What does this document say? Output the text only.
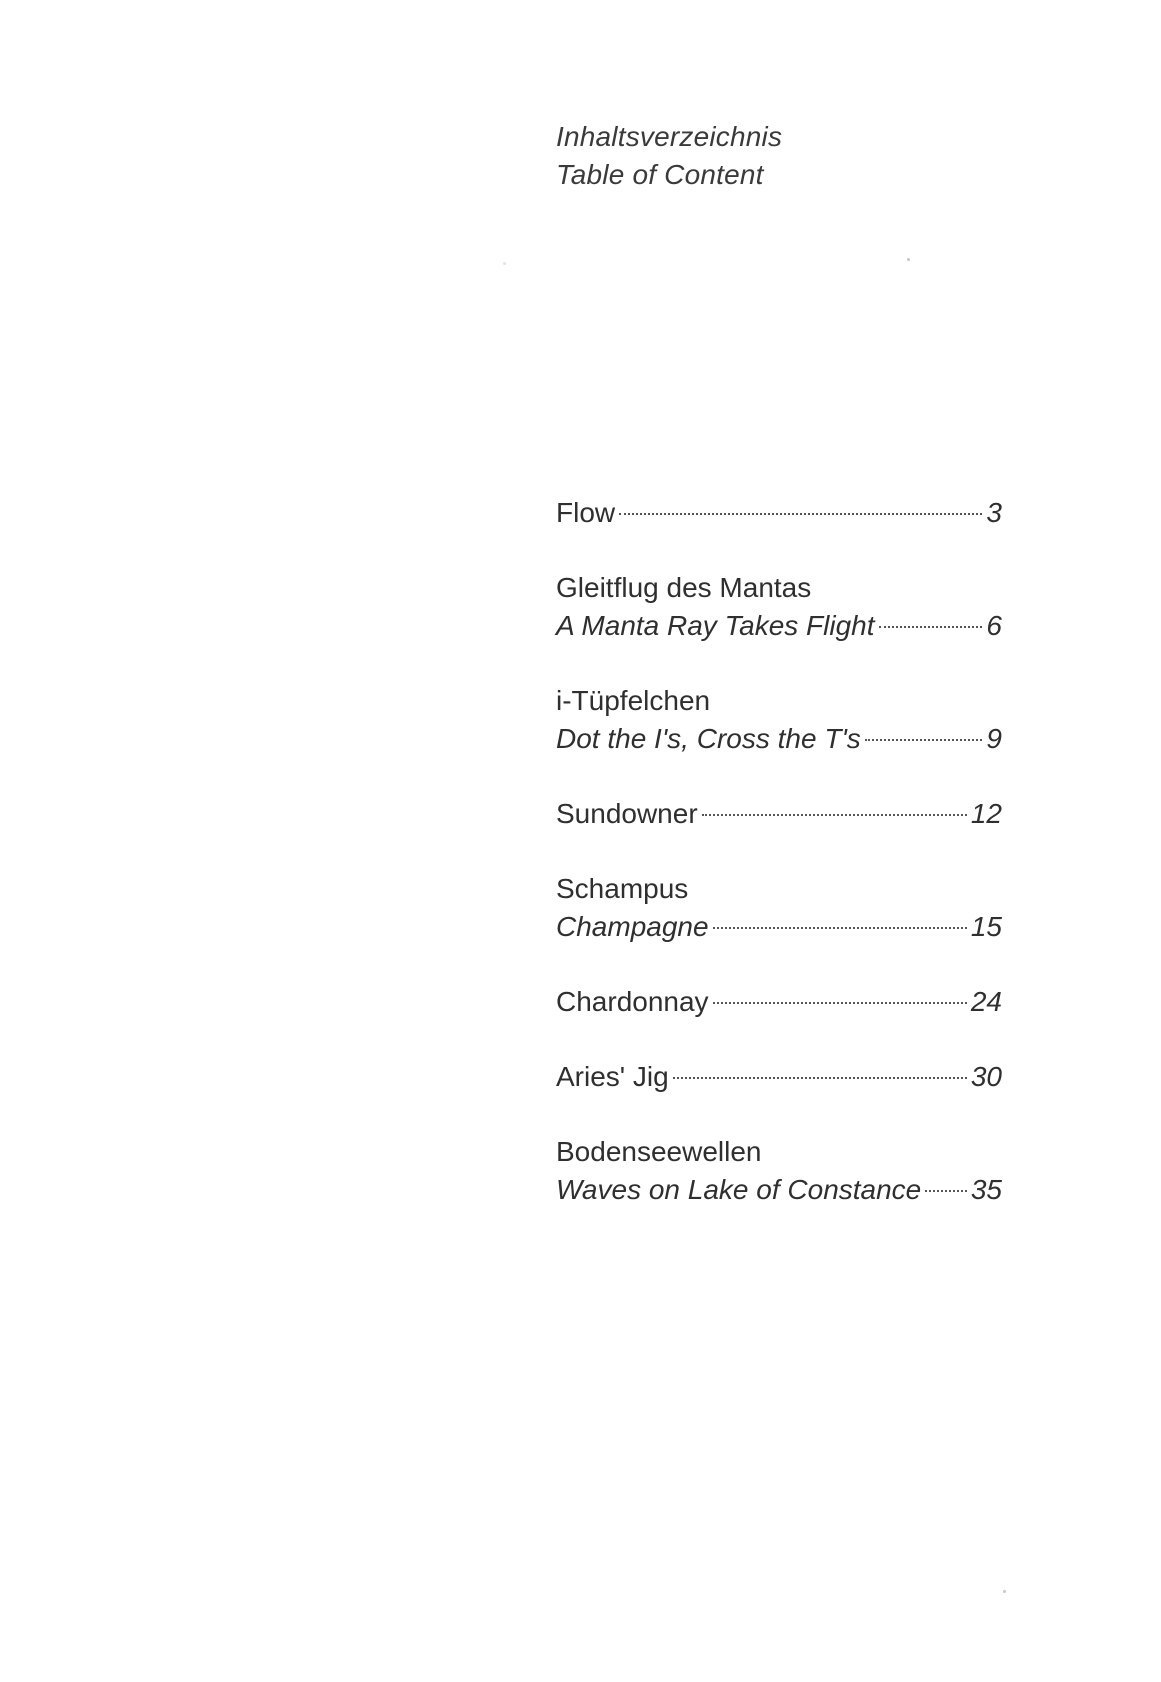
Inhaltsverzeichnis
Table of Content
Flow	3
Gleitflug des Mantas
A Manta Ray Takes Flight	6
i-Tüpfelchen
Dot the I's, Cross the T's	9
Sundowner	12
Schampus
Champagne	15
Chardonnay	24
Aries' Jig	30
Bodenseewellen
Waves on Lake of Constance 35
